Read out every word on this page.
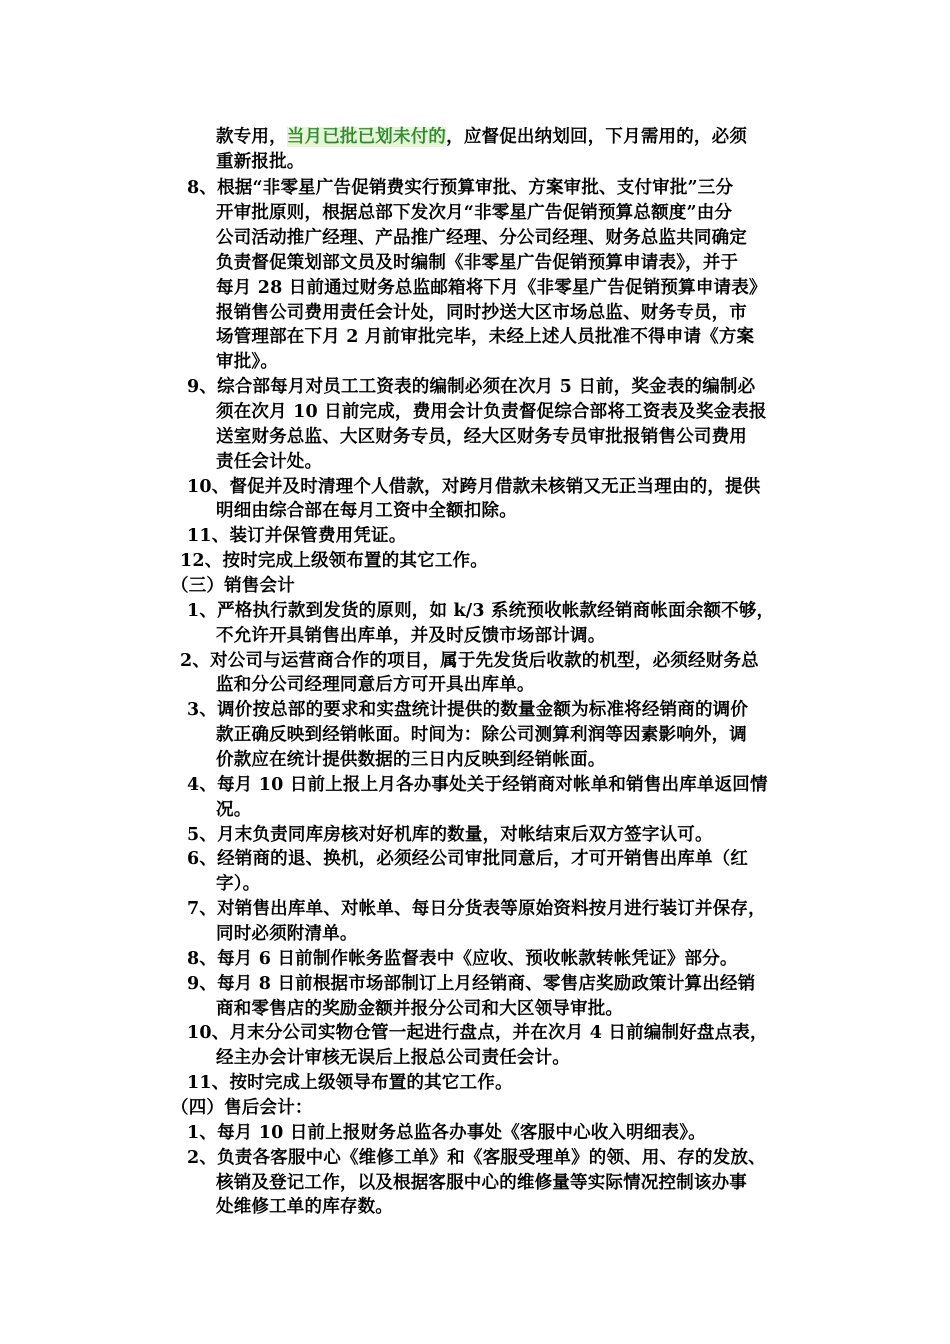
款专用，当月已批已划未付的，应督促出纳划回，下月需用的，必须
重新报批。
8、根据“非零星广告促销费实行预算审批、方案审批、支付审批”三分
开审批原则，根据总部下发次月“非零星广告促销预算总额度”由分
公司活动推广经理、产品推广经理、分公司经理、财务总监共同确定
负责督促策划部文员及时编制《非零星广告促销预算申请表》，并于
每月 28 日前通过财务总监邮箱将下月《非零星广告促销预算申请表》
报销售公司费用责任会计处，同时抄送大区市场总监、财务专员，市
场管理部在下月 2 月前审批完毕，未经上述人员批准不得申请《方案
审批》。
9、综合部每月对员工工资表的编制必须在次月 5 日前，奖金表的编制必
须在次月 10 日前完成，费用会计负责督促综合部将工资表及奖金表报
送室财务总监、大区财务专员，经大区财务专员审批报销售公司费用
责任会计处。
10、督促并及时清理个人借款，对跨月借款未核销又无正当理由的，提供
明细由综合部在每月工资中全额扣除。
11、装订并保管费用凭证。
12、按时完成上级领布置的其它工作。
（三）销售会计
1、严格执行款到发货的原则，如 k/3 系统预收帐款经销商帐面余额不够，
不允许开具销售出库单，并及时反馈市场部计调。
2、对公司与运营商合作的项目，属于先发货后收款的机型，必须经财务总
监和分公司经理同意后方可开具出库单。
3、调价按总部的要求和实盘统计提供的数量金额为标准将经销商的调价
款正确反映到经销帐面。时间为：除公司测算利润等因素影响外，调
价款应在统计提供数据的三日内反映到经销帐面。
4、每月 10 日前上报上月各办事处关于经销商对帐单和销售出库单返回情
况。
5、月末负责同库房核对好机库的数量，对帐结束后双方签字认可。
6、经销商的退、换机，必须经公司审批同意后，才可开销售出库单（红
字）。
7、对销售出库单、对帐单、每日分货表等原始资料按月进行装订并保存，
同时必须附清单。
8、每月 6 日前制作帐务监督表中《应收、预收帐款转帐凭证》部分。
9、每月 8 日前根据市场部制订上月经销商、零售店奖励政策计算出经销
商和零售店的奖励金额并报分公司和大区领导审批。
10、月末分公司实物仓管一起进行盘点，并在次月 4 日前编制好盘点表，
经主办会计审核无误后上报总公司责任会计。
11、按时完成上级领导布置的其它工作。
（四）售后会计：
1、每月 10 日前上报财务总监各办事处《客服中心收入明细表》。
2、负责各客服中心《维修工单》和《客服受理单》的领、用、存的发放、
核销及登记工作，以及根据客服中心的维修量等实际情况控制该办事
处维修工单的库存数。
